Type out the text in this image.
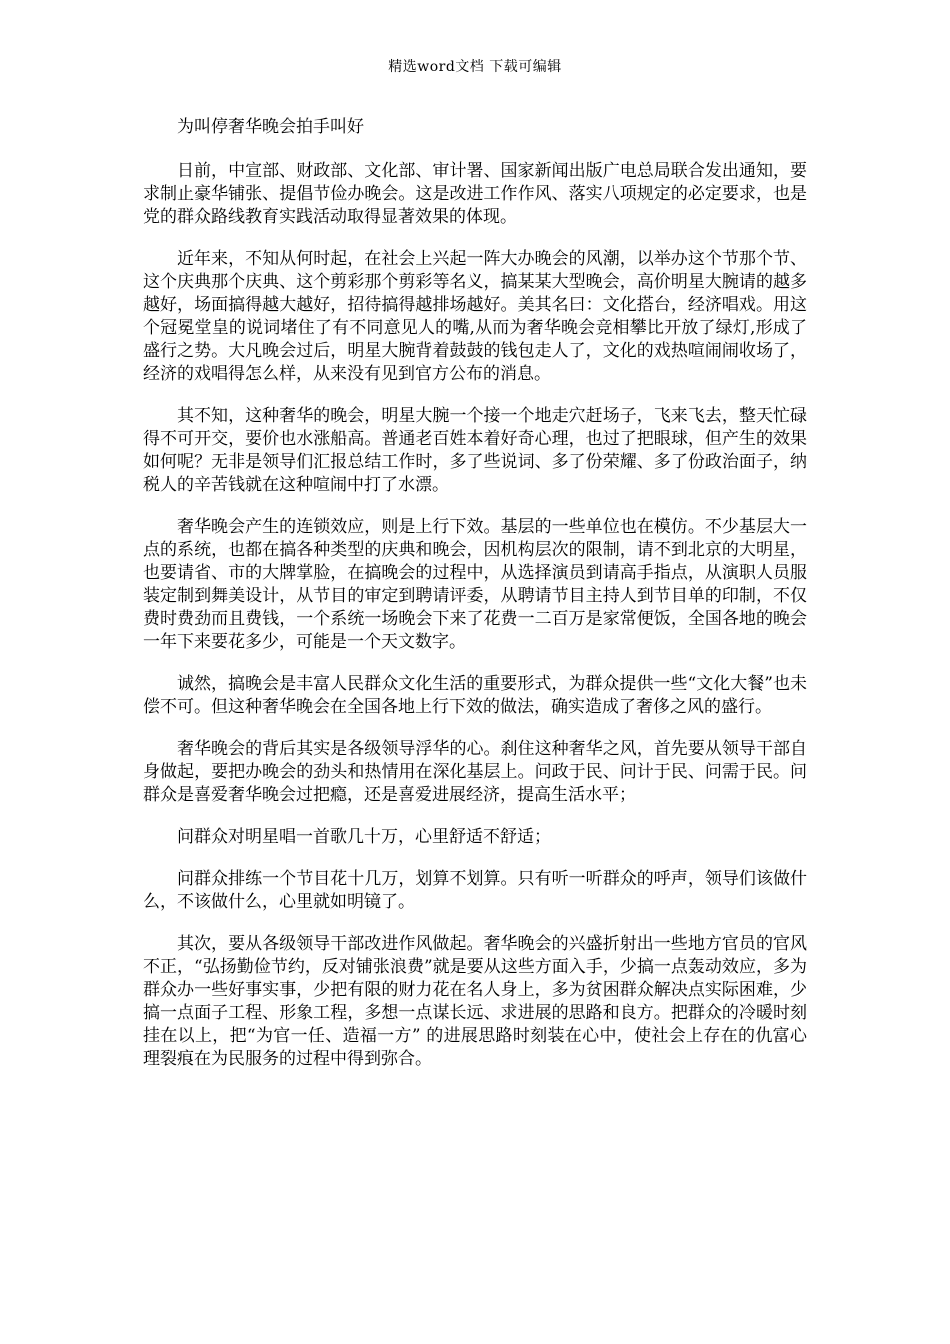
精选word文档 下载可编辑
为叫停奢华晚会拍手叫好

日前，中宣部、财政部、文化部、审计署、国家新闻出版广电总局联合发出通知，要求制止豪华铺张、提倡节俭办晚会。这是改进工作作风、落实八项规定的必定要求，也是党的群众路线教育实践活动取得显著效果的体现。

近年来，不知从何时起，在社会上兴起一阵大办晚会的风潮，以举办这个节那个节、这个庆典那个庆典、这个剪彩那个剪彩等名义，搞某某大型晚会，高价明星大腕请的越多越好，场面搞得越大越好，招待搞得越排场越好。美其名曰：文化搭台，经济唱戏。用这个冠冕堂皇的说词堵住了有不同意见人的嘴,从而为奢华晚会竞相攀比开放了绿灯,形成了盛行之势。大凡晚会过后，明星大腕背着鼓鼓的钱包走人了，文化的戏热喧闹闹收场了，经济的戏唱得怎么样，从来没有见到官方公布的消息。

其不知，这种奢华的晚会，明星大腕一个接一个地走穴赶场子，飞来飞去，整天忙碌得不可开交，要价也水涨船高。普通老百姓本着好奇心理，也过了把眼球，但产生的效果如何呢？无非是领导们汇报总结工作时，多了些说词、多了份荣耀、多了份政治面子，纳税人的辛苦钱就在这种喧闹中打了水漂。

奢华晚会产生的连锁效应，则是上行下效。基层的一些单位也在模仿。不少基层大一点的系统，也都在搞各种类型的庆典和晚会，因机构层次的限制，请不到北京的大明星，也要请省、市的大牌掌脸，在搞晚会的过程中，从选择演员到请高手指点，从演职人员服装定制到舞美设计，从节目的审定到聘请评委，从聘请节目主持人到节目单的印制，不仅费时费劲而且费钱，一个系统一场晚会下来了花费一二百万是家常便饭，全国各地的晚会一年下来要花多少，可能是一个天文数字。

诚然，搞晚会是丰富人民群众文化生活的重要形式，为群众提供一些“文化大餐”也未偿不可。但这种奢华晚会在全国各地上行下效的做法，确实造成了奢侈之风的盛行。

奢华晚会的背后其实是各级领导浮华的心。刹住这种奢华之风，首先要从领导干部自身做起，要把办晚会的劲头和热情用在深化基层上。问政于民、问计于民、问需于民。问群众是喜爱奢华晚会过把瘾，还是喜爱进展经济，提高生活水平；

问群众对明星唱一首歌几十万，心里舒适不舒适；

问群众排练一个节目花十几万，划算不划算。只有听一听群众的呼声，领导们该做什么，不该做什么，心里就如明镜了。

其次，要从各级领导干部改进作风做起。奢华晚会的兴盛折射出一些地方官员的官风不正，“弘扬勤俭节约，反对铺张浪费”就是要从这些方面入手，少搞一点轰动效应，多为群众办一些好事实事，少把有限的财力花在名人身上，多为贫困群众解决点实际困难，少搞一点面子工程、形象工程，多想一点谋长远、求进展的思路和良方。把群众的冷暖时刻挂在以上，把“为官一任、造福一方” 的进展思路时刻装在心中，使社会上存在的仇富心理裂痕在为民服务的过程中得到弥合。
